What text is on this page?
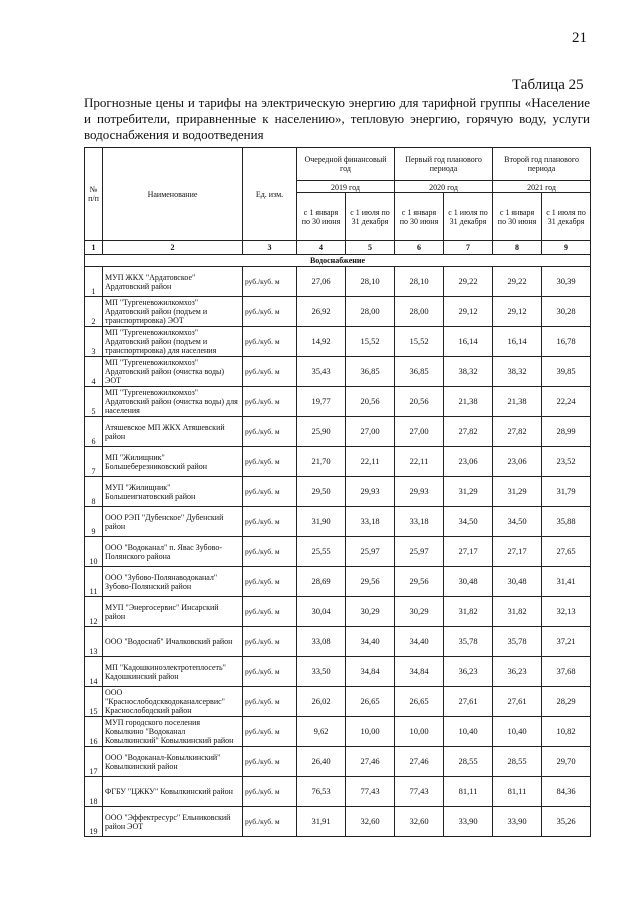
21
Таблица 25
Прогнозные цены и тарифы на электрическую энергию для тарифной группы «Население и потребители, приравненные к населению», тепловую энергию, горячую воду, услуги водоснабжения и водоотведения
№ п/п	Наименование	Ед. изм.	Очередной финансовый год		Первый год планового периода		Второй год планового периода	
			2019 год		2020 год		2021 год	
			с 1 января по 30 июня	с 1 июля по 31 декабря	с 1 января по 30 июня	с 1 июля по 31 декабря	с 1 января по 30 июня	с 1 июля по 31 декабря
1	2	3	4	5	6	7	8	9
Водоснабжение								
1	МУП ЖКХ "Ардатовское" Ардатовский район	руб./куб. м	27,06	28,10	28,10	29,22	29,22	30,39
2	МП "Тургеневожилкомхоз" Ардатовский район (подъем и транспортировка) ЭОТ	руб./куб. м	26,92	28,00	28,00	29,12	29,12	30,28
3	МП "Тургеневожилкомхоз" Ардатовский район (подъем и транспортировка) для населения	руб./куб. м	14,92	15,52	15,52	16,14	16,14	16,78
4	МП "Тургеневожилкомхоз" Ардатовский район (очистка воды) ЭОТ	руб./куб. м	35,43	36,85	36,85	38,32	38,32	39,85
5	МП "Тургеневожилкомхоз" Ардатовский район (очистка воды) для населения	руб./куб. м	19,77	20,56	20,56	21,38	21,38	22,24
6	Атяшевское МП ЖКХ Атяшевский район	руб./куб. м	25,90	27,00	27,00	27,82	27,82	28,99
7	МП "Жилищник" Большеберезниковский район	руб./куб. м	21,70	22,11	22,11	23,06	23,06	23,52
8	МУП "Жилищник" Большеигнатовский район	руб./куб. м	29,50	29,93	29,93	31,29	31,29	31,79
9	ООО РЭП "Дубенское" Дубенский район	руб./куб. м	31,90	33,18	33,18	34,50	34,50	35,88
10	ООО "Водоканал" п. Явас Зубово-Полянского района	руб./куб. м	25,55	25,97	25,97	27,17	27,17	27,65
11	ООО "Зубово-Полянаводоканал" Зубово-Полянский район	руб./куб. м	28,69	29,56	29,56	30,48	30,48	31,41
12	МУП "Энергосервис" Инсарский район	руб./куб. м	30,04	30,29	30,29	31,82	31,82	32,13
13	ООО "Водоснаб" Ичалковский район	руб./куб. м	33,08	34,40	34,40	35,78	35,78	37,21
14	МП "Кадошкиноэлектротеплосеть" Кадошкинский район	руб./куб. м	33,50	34,84	34,84	36,23	36,23	37,68
15	ООО "Краснослободскводоканалсервис" Краснослободский район	руб./куб. м	26,02	26,65	26,65	27,61	27,61	28,29
16	МУП городского поселения Ковылкино "Водоканал Ковылкинский" Ковылкинский район	руб./куб. м	9,62	10,00	10,00	10,40	10,40	10,82
17	ООО "Водоканал-Ковылкинский" Ковылкинский район	руб./куб. м	26,40	27,46	27,46	28,55	28,55	29,70
18	ФГБУ "ЦЖКУ" Ковылкинский район	руб./куб. м	76,53	77,43	77,43	81,11	81,11	84,36
19	ООО "Эффектресурс" Ельниковский район ЭОТ	руб./куб. м	31,91	32,60	32,60	33,90	33,90	35,26
